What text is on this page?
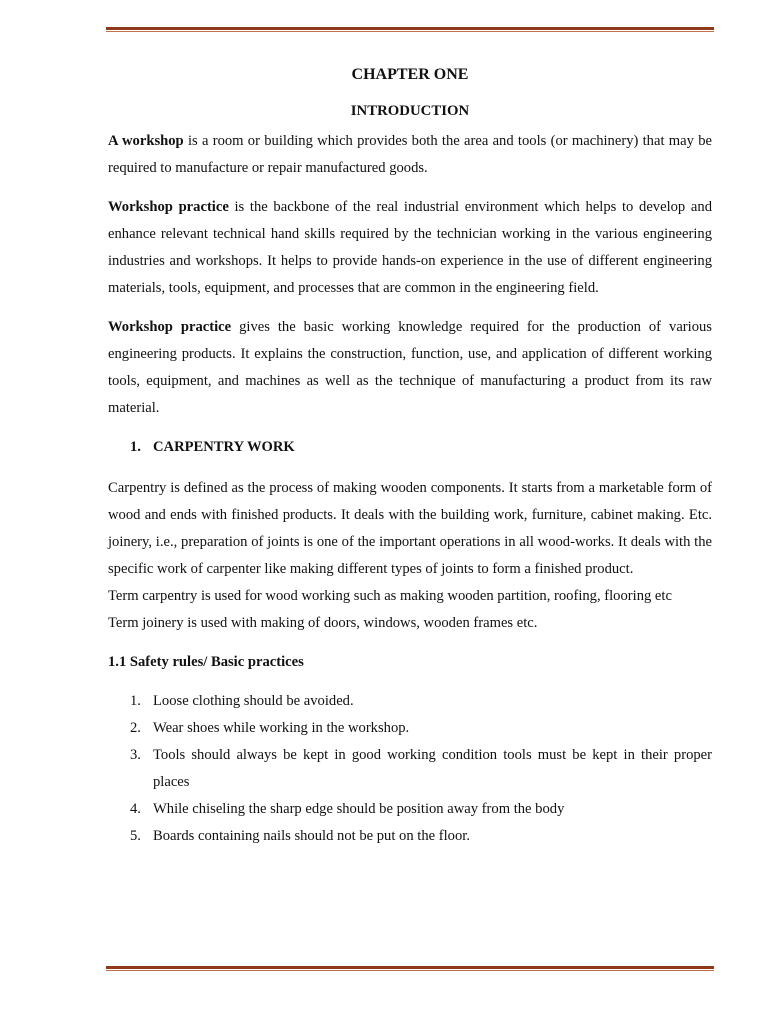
CHAPTER ONE
INTRODUCTION

A workshop is a room or building which provides both the area and tools (or machinery) that may be required to manufacture or repair manufactured goods.

Workshop practice is the backbone of the real industrial environment which helps to develop and enhance relevant technical hand skills required by the technician working in the various engineering industries and workshops. It helps to provide hands-on experience in the use of different engineering materials, tools, equipment, and processes that are common in the engineering field.

Workshop practice gives the basic working knowledge required for the production of various engineering products. It explains the construction, function, use, and application of different working tools, equipment, and machines as well as the technique of manufacturing a product from its raw material.

1. CARPENTRY WORK

Carpentry is defined as the process of making wooden components. It starts from a marketable form of wood and ends with finished products. It deals with the building work, furniture, cabinet making. Etc. joinery, i.e., preparation of joints is one of the important operations in all wood-works. It deals with the specific work of carpenter like making different types of joints to form a finished product.

Term carpentry is used for wood working such as making wooden partition, roofing, flooring etc

Term joinery is used with making of doors, windows, wooden frames etc.

1.1 Safety rules/ Basic practices
1. Loose clothing should be avoided.
2. Wear shoes while working in the workshop.
3. Tools should always be kept in good working condition tools must be kept in their proper places
4. While chiseling the sharp edge should be position away from the body
5. Boards containing nails should not be put on the floor.
